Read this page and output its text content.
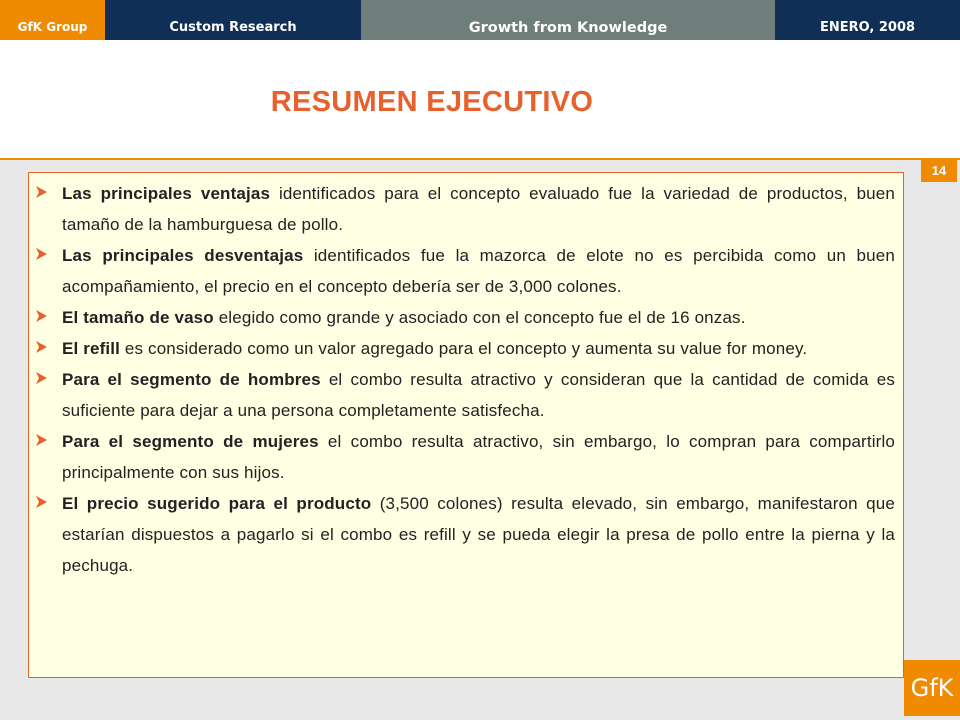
GfK Group	Custom Research	Growth from Knowledge	ENERO, 2008
RESUMEN EJECUTIVO
14
Las principales ventajas identificados para el concepto evaluado fue la variedad de productos, buen tamaño de la hamburguesa de pollo.
Las principales desventajas identificados fue la mazorca de elote no es percibida como un buen acompañamiento, el precio en el concepto debería ser de 3,000 colones.
El tamaño de vaso elegido como grande y asociado con el concepto fue el de 16 onzas.
El refill es considerado como un valor agregado para el concepto y aumenta su value for money.
Para el segmento de hombres el combo resulta atractivo y consideran que la cantidad de comida es suficiente para dejar a una persona completamente satisfecha.
Para el segmento de mujeres el combo resulta atractivo, sin embargo, lo compran para compartirlo principalmente con sus hijos.
El precio sugerido para el producto (3,500 colones) resulta elevado, sin embargo, manifestaron que estarían dispuestos a pagarlo si el combo es refill y se pueda elegir la presa de pollo entre la pierna y la pechuga.
GfK
